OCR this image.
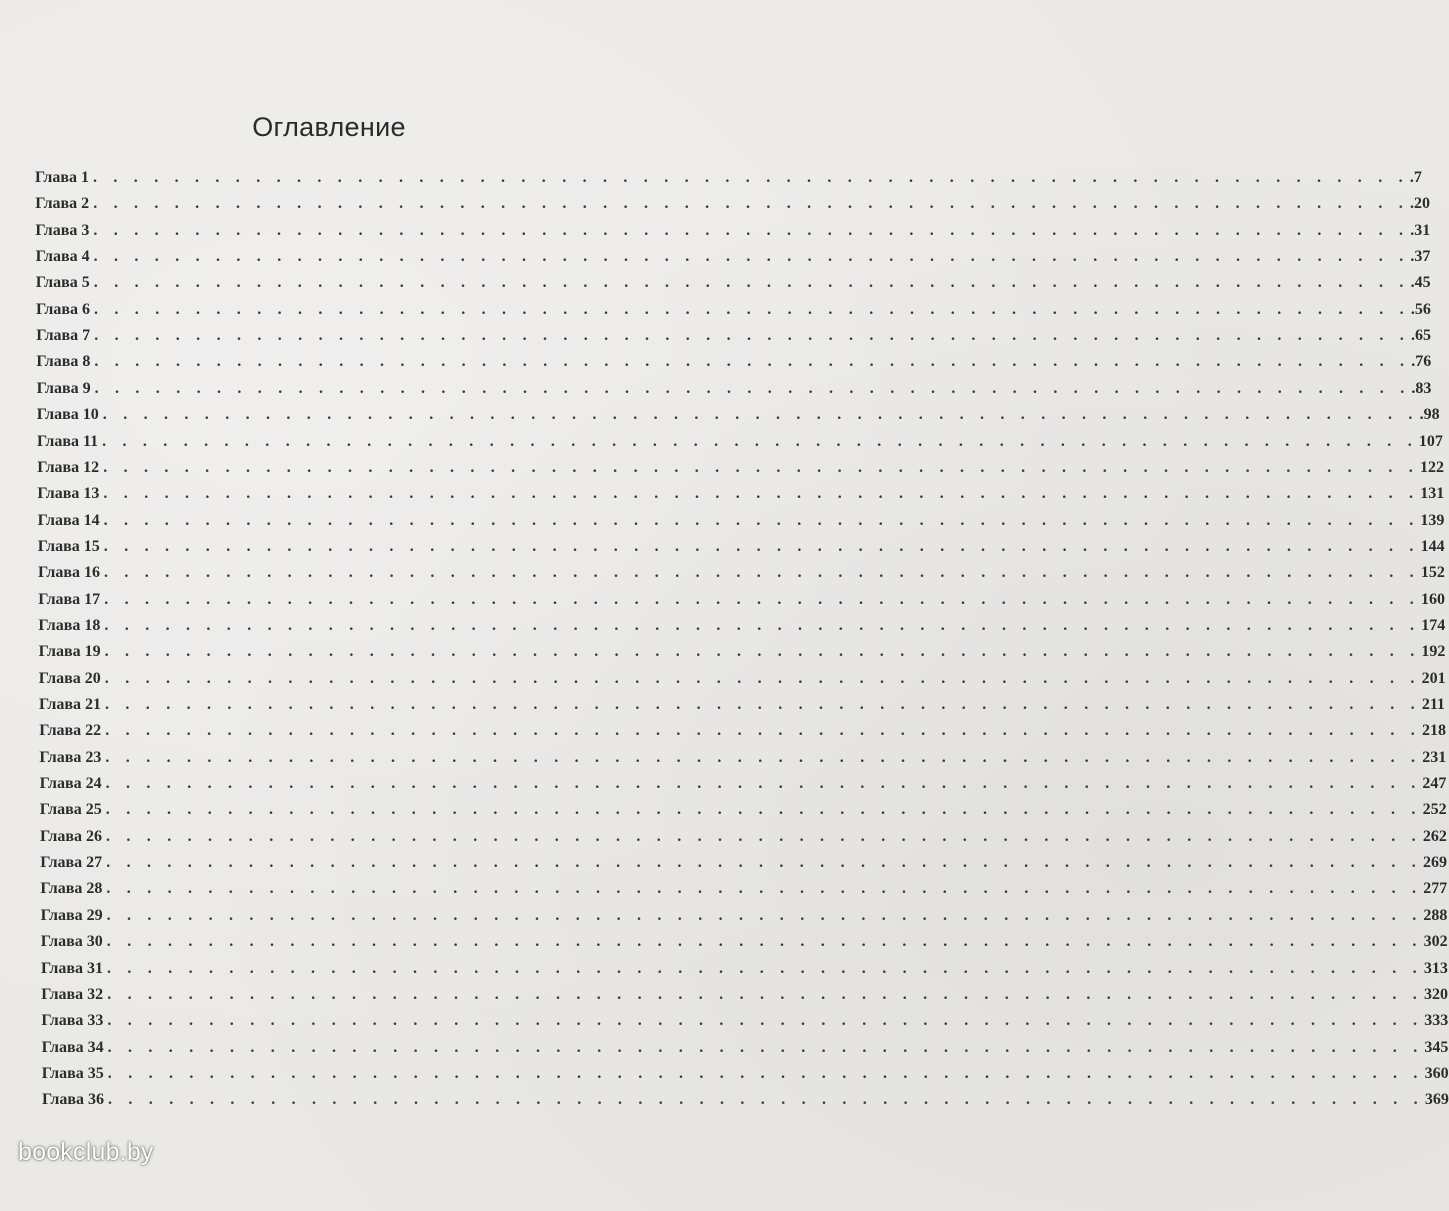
Оглавление
Глава 1 . . . . . . . . . . . . . . . . . . . . . . . . . . . . . . . . . . . . . . . . . . . . . . . . . . . . . . . . . . . . . . . . . .7
Глава 2 . . . . . . . . . . . . . . . . . . . . . . . . . . . . . . . . . . . . . . . . . . . . . . . . . . . . . . . . . . . . . . . . . .20
Глава 3 . . . . . . . . . . . . . . . . . . . . . . . . . . . . . . . . . . . . . . . . . . . . . . . . . . . . . . . . . . . . . . . . . .31
Глава 4 . . . . . . . . . . . . . . . . . . . . . . . . . . . . . . . . . . . . . . . . . . . . . . . . . . . . . . . . . . . . . . . . . .37
Глава 5 . . . . . . . . . . . . . . . . . . . . . . . . . . . . . . . . . . . . . . . . . . . . . . . . . . . . . . . . . . . . . . . . . .45
Глава 6 . . . . . . . . . . . . . . . . . . . . . . . . . . . . . . . . . . . . . . . . . . . . . . . . . . . . . . . . . . . . . . . . . .56
Глава 7 . . . . . . . . . . . . . . . . . . . . . . . . . . . . . . . . . . . . . . . . . . . . . . . . . . . . . . . . . . . . . . . . . .65
Глава 8 . . . . . . . . . . . . . . . . . . . . . . . . . . . . . . . . . . . . . . . . . . . . . . . . . . . . . . . . . . . . . . . . . .76
Глава 9 . . . . . . . . . . . . . . . . . . . . . . . . . . . . . . . . . . . . . . . . . . . . . . . . . . . . . . . . . . . . . . . . . .83
Глава 10 . . . . . . . . . . . . . . . . . . . . . . . . . . . . . . . . . . . . . . . . . . . . . . . . . . . . . . . . . . . . . . . . . .98
Глава 11 . . . . . . . . . . . . . . . . . . . . . . . . . . . . . . . . . . . . . . . . . . . . . . . . . . . . . . . . . . . . . . . . . 107
Глава 12 . . . . . . . . . . . . . . . . . . . . . . . . . . . . . . . . . . . . . . . . . . . . . . . . . . . . . . . . . . . . . . . . . 122
Глава 13 . . . . . . . . . . . . . . . . . . . . . . . . . . . . . . . . . . . . . . . . . . . . . . . . . . . . . . . . . . . . . . . . . 131
Глава 14 . . . . . . . . . . . . . . . . . . . . . . . . . . . . . . . . . . . . . . . . . . . . . . . . . . . . . . . . . . . . . . . . . 139
Глава 15 . . . . . . . . . . . . . . . . . . . . . . . . . . . . . . . . . . . . . . . . . . . . . . . . . . . . . . . . . . . . . . . . . 144
Глава 16 . . . . . . . . . . . . . . . . . . . . . . . . . . . . . . . . . . . . . . . . . . . . . . . . . . . . . . . . . . . . . . . . . 152
Глава 17 . . . . . . . . . . . . . . . . . . . . . . . . . . . . . . . . . . . . . . . . . . . . . . . . . . . . . . . . . . . . . . . . . 160
Глава 18 . . . . . . . . . . . . . . . . . . . . . . . . . . . . . . . . . . . . . . . . . . . . . . . . . . . . . . . . . . . . . . . . . 174
Глава 19 . . . . . . . . . . . . . . . . . . . . . . . . . . . . . . . . . . . . . . . . . . . . . . . . . . . . . . . . . . . . . . . . . 192
Глава 20 . . . . . . . . . . . . . . . . . . . . . . . . . . . . . . . . . . . . . . . . . . . . . . . . . . . . . . . . . . . . . . . . . 201
Глава 21 . . . . . . . . . . . . . . . . . . . . . . . . . . . . . . . . . . . . . . . . . . . . . . . . . . . . . . . . . . . . . . . . . 211
Глава 22 . . . . . . . . . . . . . . . . . . . . . . . . . . . . . . . . . . . . . . . . . . . . . . . . . . . . . . . . . . . . . . . . . 218
Глава 23 . . . . . . . . . . . . . . . . . . . . . . . . . . . . . . . . . . . . . . . . . . . . . . . . . . . . . . . . . . . . . . . . . 231
Глава 24 . . . . . . . . . . . . . . . . . . . . . . . . . . . . . . . . . . . . . . . . . . . . . . . . . . . . . . . . . . . . . . . . . 247
Глава 25 . . . . . . . . . . . . . . . . . . . . . . . . . . . . . . . . . . . . . . . . . . . . . . . . . . . . . . . . . . . . . . . . . 252
Глава 26 . . . . . . . . . . . . . . . . . . . . . . . . . . . . . . . . . . . . . . . . . . . . . . . . . . . . . . . . . . . . . . . . . 262
Глава 27 . . . . . . . . . . . . . . . . . . . . . . . . . . . . . . . . . . . . . . . . . . . . . . . . . . . . . . . . . . . . . . . . . 269
Глава 28 . . . . . . . . . . . . . . . . . . . . . . . . . . . . . . . . . . . . . . . . . . . . . . . . . . . . . . . . . . . . . . . . . 277
Глава 29 . . . . . . . . . . . . . . . . . . . . . . . . . . . . . . . . . . . . . . . . . . . . . . . . . . . . . . . . . . . . . . . . . 288
Глава 30 . . . . . . . . . . . . . . . . . . . . . . . . . . . . . . . . . . . . . . . . . . . . . . . . . . . . . . . . . . . . . . . . . 302
Глава 31 . . . . . . . . . . . . . . . . . . . . . . . . . . . . . . . . . . . . . . . . . . . . . . . . . . . . . . . . . . . . . . . . . 313
Глава 32 . . . . . . . . . . . . . . . . . . . . . . . . . . . . . . . . . . . . . . . . . . . . . . . . . . . . . . . . . . . . . . . . . 320
Глава 33 . . . . . . . . . . . . . . . . . . . . . . . . . . . . . . . . . . . . . . . . . . . . . . . . . . . . . . . . . . . . . . . . . 333
Глава 34 . . . . . . . . . . . . . . . . . . . . . . . . . . . . . . . . . . . . . . . . . . . . . . . . . . . . . . . . . . . . . . . . . 345
Глава 35 . . . . . . . . . . . . . . . . . . . . . . . . . . . . . . . . . . . . . . . . . . . . . . . . . . . . . . . . . . . . . . . . . 360
Глава 36 . . . . . . . . . . . . . . . . . . . . . . . . . . . . . . . . . . . . . . . . . . . . . . . . . . . . . . . . . . . . . . . . . 369
bookclub.by
